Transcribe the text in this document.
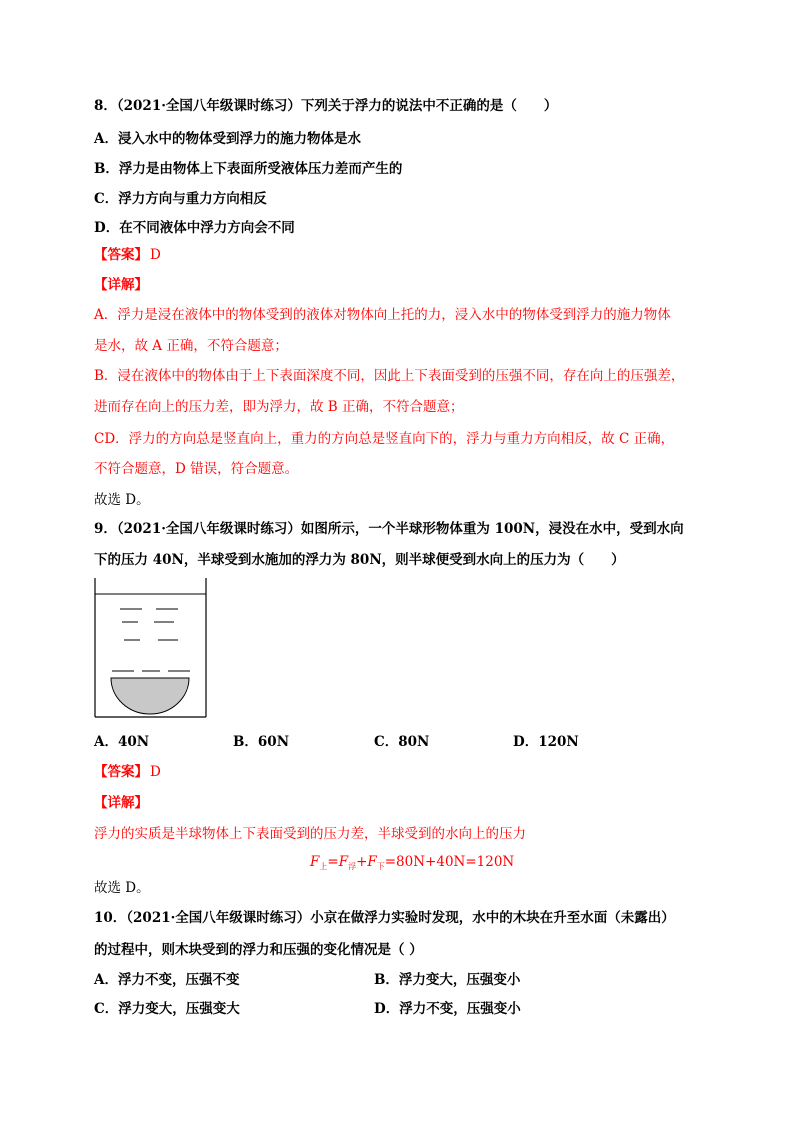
8．（2021·全国八年级课时练习）下列关于浮力的说法中不正确的是（　　）
A．浸入水中的物体受到浮力的施力物体是水
B．浮力是由物体上下表面所受液体压力差而产生的
C．浮力方向与重力方向相反
D．在不同液体中浮力方向会不同
【答案】 D
【详解】
A．浮力是浸在液体中的物体受到的液体对物体向上托的力，浸入水中的物体受到浮力的施力物体
是水，故 A 正确，不符合题意；
B．浸在液体中的物体由于上下表面深度不同，因此上下表面受到的压强不同，存在向上的压强差，
进而存在向上的压力差，即为浮力，故 B 正确，不符合题意；
CD．浮力的方向总是竖直向上，重力的方向总是竖直向下的，浮力与重力方向相反，故 C 正确，
不符合题意，D 错误，符合题意。
故选 D。
9．（2021·全国八年级课时练习）如图所示，一个半球形物体重为 100N，浸没在水中，受到水向
下的压力 40N，半球受到水施加的浮力为 80N，则半球便受到水向上的压力为（　　）
A．40N	B．60N	C．80N	D．120N
【答案】 D
【详解】
浮力的实质是半球物体上下表面受到的压力差，半球受到的水向上的压力
$F_上=F_浮+F_下=80N+40N=120N$
故选 D。
10．（2021·全国八年级课时练习）小京在做浮力实验时发现，水中的木块在升至水面（未露出）
的过程中，则木块受到的浮力和压强的变化情况是（ ）
A．浮力不变，压强不变	B．浮力变大，压强变小
C．浮力变大，压强变大	D．浮力不变，压强变小
